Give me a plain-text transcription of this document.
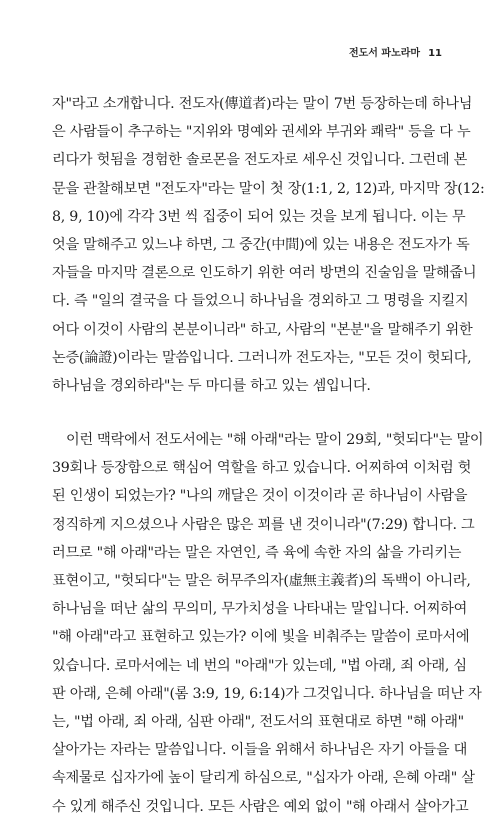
전도서 파노라마 11
자"라고 소개합니다. 전도자(傳道者)라는 말이 7번 등장하는데 하나님
은 사람들이 추구하는 "지위와 명예와 권세와 부귀와 쾌락" 등을 다 누
리다가 헛됨을 경험한 솔로몬을 전도자로 세우신 것입니다. 그런데 본
문을 관찰해보면 "전도자"라는 말이 첫 장(1:1, 2, 12)과, 마지막 장(12:
8, 9, 10)에 각각 3번 씩 집중이 되어 있는 것을 보게 됩니다. 이는 무
엇을 말해주고 있느냐 하면, 그 중간(中間)에 있는 내용은 전도자가 독
자들을 마지막 결론으로 인도하기 위한 여러 방면의 진술임을 말해줍니
다. 즉 "일의 결국을 다 들었으니 하나님을 경외하고 그 명령을 지킬지
어다 이것이 사람의 본분이니라" 하고, 사람의 "본분"을 말해주기 위한
논증(論證)이라는 말씀입니다. 그러니까 전도자는, "모든 것이 헛되다,
하나님을 경외하라"는 두 마디를 하고 있는 셈입니다.
이런 맥락에서 전도서에는 "해 아래"라는 말이 29회, "헛되다"는 말이
39회나 등장함으로 핵심어 역할을 하고 있습니다. 어찌하여 이처럼 헛
된 인생이 되었는가? "나의 깨달은 것이 이것이라 곧 하나님이 사람을
정직하게 지으셨으나 사람은 많은 꾀를 낸 것이니라"(7:29) 합니다. 그
러므로 "해 아래"라는 말은 자연인, 즉 육에 속한 자의 삶을 가리키는
표현이고, "헛되다"는 말은 허무주의자(虛無主義者)의 독백이 아니라,
하나님을 떠난 삶의 무의미, 무가치성을 나타내는 말입니다. 어찌하여
"해 아래"라고 표현하고 있는가? 이에 빛을 비춰주는 말씀이 로마서에
있습니다. 로마서에는 네 번의 "아래"가 있는데, "법 아래, 죄 아래, 심
판 아래, 은혜 아래"(롬 3:9, 19, 6:14)가 그것입니다. 하나님을 떠난 자
는, "법 아래, 죄 아래, 심판 아래", 전도서의 표현대로 하면 "해 아래"
살아가는 자라는 말씀입니다. 이들을 위해서 하나님은 자기 아들을 대
속제물로 십자가에 높이 달리게 하심으로, "십자가 아래, 은혜 아래" 살
수 있게 해주신 것입니다. 모든 사람은 예외 없이 "해 아래서 살아가고
